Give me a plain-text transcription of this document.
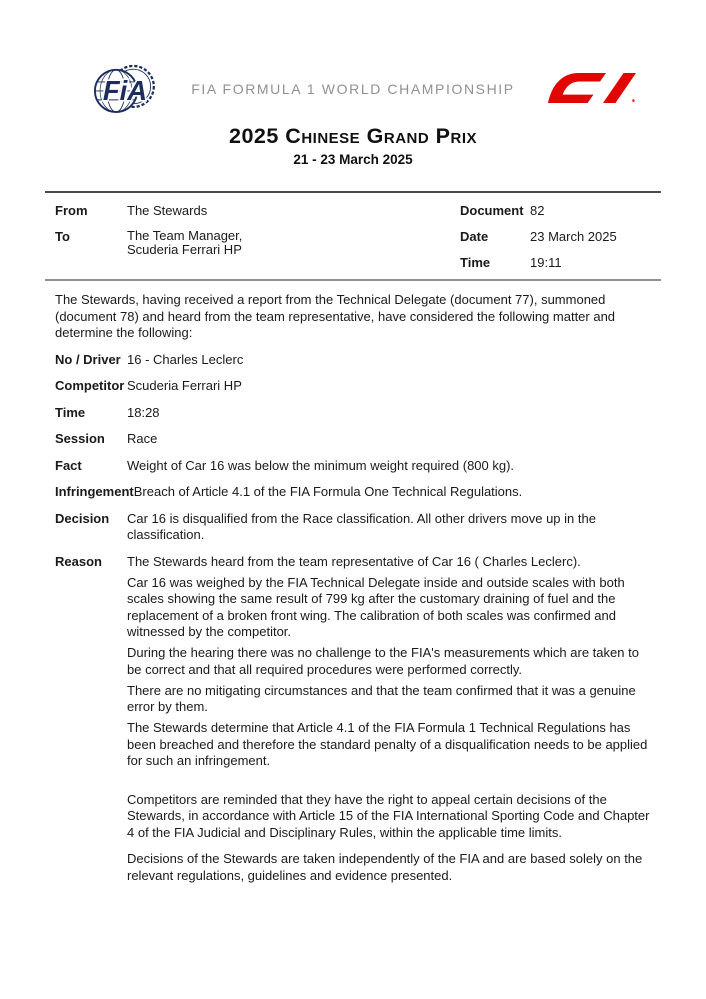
FiA	FIA FORMULA 1 WORLD CHAMPIONSHIP
2025 Chinese Grand Prix
21 - 23 March 2025
From	The Stewards
To	The Team Manager,
Scuderia Ferrari HP
Document 82
Date	23 March 2025
Time	19:11
The Stewards, having received a report from the Technical Delegate (document 77), summoned (document 78) and heard from the team representative, have considered the following matter and determine the following:
No / Driver 16 - Charles Leclerc
Competitor Scuderia Ferrari HP
Time	18:28
Session	Race
Fact	Weight of Car 16 was below the minimum weight required (800 kg).
Infringement Breach of Article 4.1 of the FIA Formula One Technical Regulations.
Decision	Car 16 is disqualified from the Race classification. All other drivers move up in the classification.
Reason	The Stewards heard from the team representative of Car 16 ( Charles Leclerc).

Car 16 was weighed by the FIA Technical Delegate inside and outside scales with both scales showing the same result of 799 kg after the customary draining of fuel and the replacement of a broken front wing. The calibration of both scales was confirmed and witnessed by the competitor.

During the hearing there was no challenge to the FIA's measurements which are taken to be correct and that all required procedures were performed correctly.

There are no mitigating circumstances and that the team confirmed that it was a genuine error by them.

The Stewards determine that Article 4.1 of the FIA Formula 1 Technical Regulations has been breached and therefore the standard penalty of a disqualification needs to be applied for such an infringement.

Competitors are reminded that they have the right to appeal certain decisions of the Stewards, in accordance with Article 15 of the FIA International Sporting Code and Chapter 4 of the FIA Judicial and Disciplinary Rules, within the applicable time limits.

Decisions of the Stewards are taken independently of the FIA and are based solely on the relevant regulations, guidelines and evidence presented.
